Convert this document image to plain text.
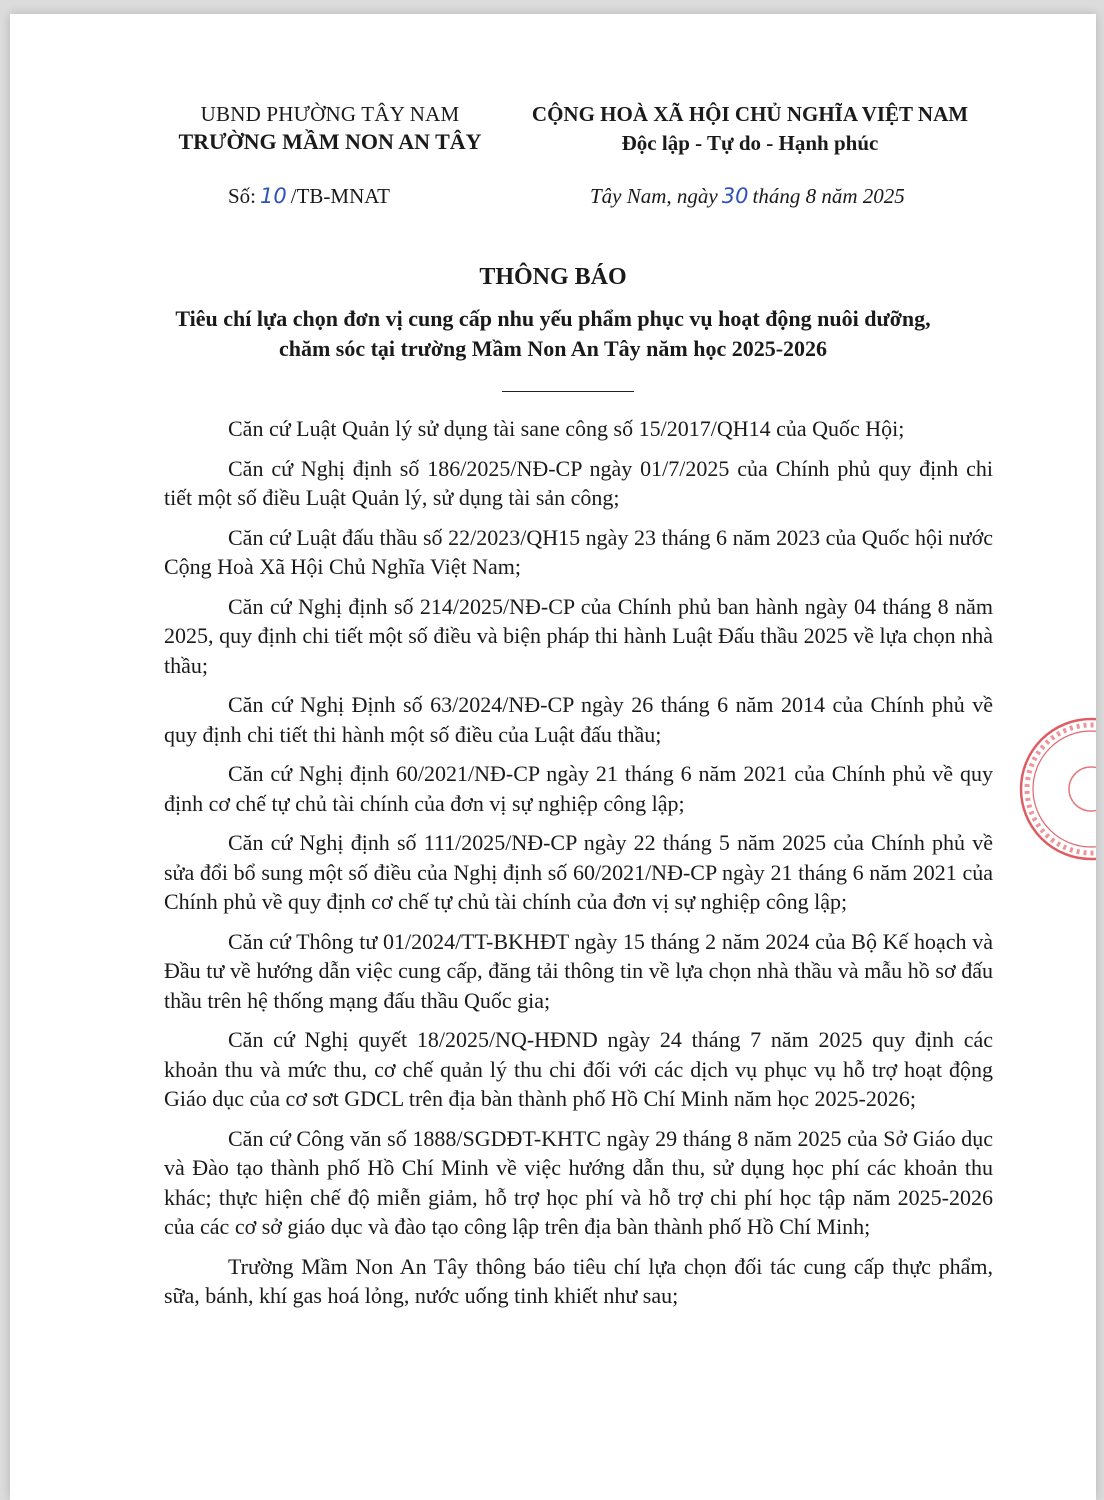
UBND PHƯỜNG TÂY NAM
TRƯỜNG MẦM NON AN TÂY
CỘNG HOÀ XÃ HỘI CHỦ NGHĨA VIỆT NAM
Độc lập - Tự do - Hạnh phúc
Số: 10 /TB-MNAT	Tây Nam, ngày 30 tháng 8 năm 2025
THÔNG BÁO
Tiêu chí lựa chọn đơn vị cung cấp nhu yếu phẩm phục vụ hoạt động nuôi dưỡng, chăm sóc tại trường Mầm Non An Tây năm học 2025-2026

Căn cứ Luật Quản lý sử dụng tài sane công số 15/2017/QH14 của Quốc Hội;

Căn cứ Nghị định số 186/2025/NĐ-CP ngày 01/7/2025 của Chính phủ quy định chi tiết một số điều Luật Quản lý, sử dụng tài sản công;

Căn cứ Luật đấu thầu số 22/2023/QH15 ngày 23 tháng 6 năm 2023 của Quốc hội nước Cộng Hoà Xã Hội Chủ Nghĩa Việt Nam;

Căn cứ Nghị định số 214/2025/NĐ-CP của Chính phủ ban hành ngày 04 tháng 8 năm 2025, quy định chi tiết một số điều và biện pháp thi hành Luật Đấu thầu 2025 về lựa chọn nhà thầu;

Căn cứ Nghị Định số 63/2024/NĐ-CP ngày 26 tháng 6 năm 2014 của Chính phủ về quy định chi tiết thi hành một số điều của Luật đấu thầu;

Căn cứ Nghị định 60/2021/NĐ-CP ngày 21 tháng 6 năm 2021 của Chính phủ về quy định cơ chế tự chủ tài chính của đơn vị sự nghiệp công lập;

Căn cứ Nghị định số 111/2025/NĐ-CP ngày 22 tháng 5 năm 2025 của Chính phủ về sửa đổi bổ sung một số điều của Nghị định số 60/2021/NĐ-CP ngày 21 tháng 6 năm 2021 của Chính phủ về quy định cơ chế tự chủ tài chính của đơn vị sự nghiệp công lập;

Căn cứ Thông tư 01/2024/TT-BKHĐT ngày 15 tháng 2 năm 2024 của Bộ Kế hoạch và Đầu tư về hướng dẫn việc cung cấp, đăng tải thông tin về lựa chọn nhà thầu và mẫu hồ sơ đấu thầu trên hệ thống mạng đấu thầu Quốc gia;

Căn cứ Nghị quyết 18/2025/NQ-HĐND ngày 24 tháng 7 năm 2025 quy định các khoản thu và mức thu, cơ chế quản lý thu chi đối với các dịch vụ phục vụ hỗ trợ hoạt động Giáo dục của cơ sơt GDCL trên địa bàn thành phố Hồ Chí Minh năm học 2025-2026;

Căn cứ Công văn số 1888/SGDĐT-KHTC ngày 29 tháng 8 năm 2025 của Sở Giáo dục và Đào tạo thành phố Hồ Chí Minh về việc hướng dẫn thu, sử dụng học phí các khoản thu khác; thực hiện chế độ miễn giảm, hỗ trợ học phí và hỗ trợ chi phí học tập năm 2025-2026 của các cơ sở giáo dục và đào tạo công lập trên địa bàn thành phố Hồ Chí Minh;

Trường Mầm Non An Tây thông báo tiêu chí lựa chọn đối tác cung cấp thực phẩm, sữa, bánh, khí gas hoá lỏng, nước uống tinh khiết như sau;
